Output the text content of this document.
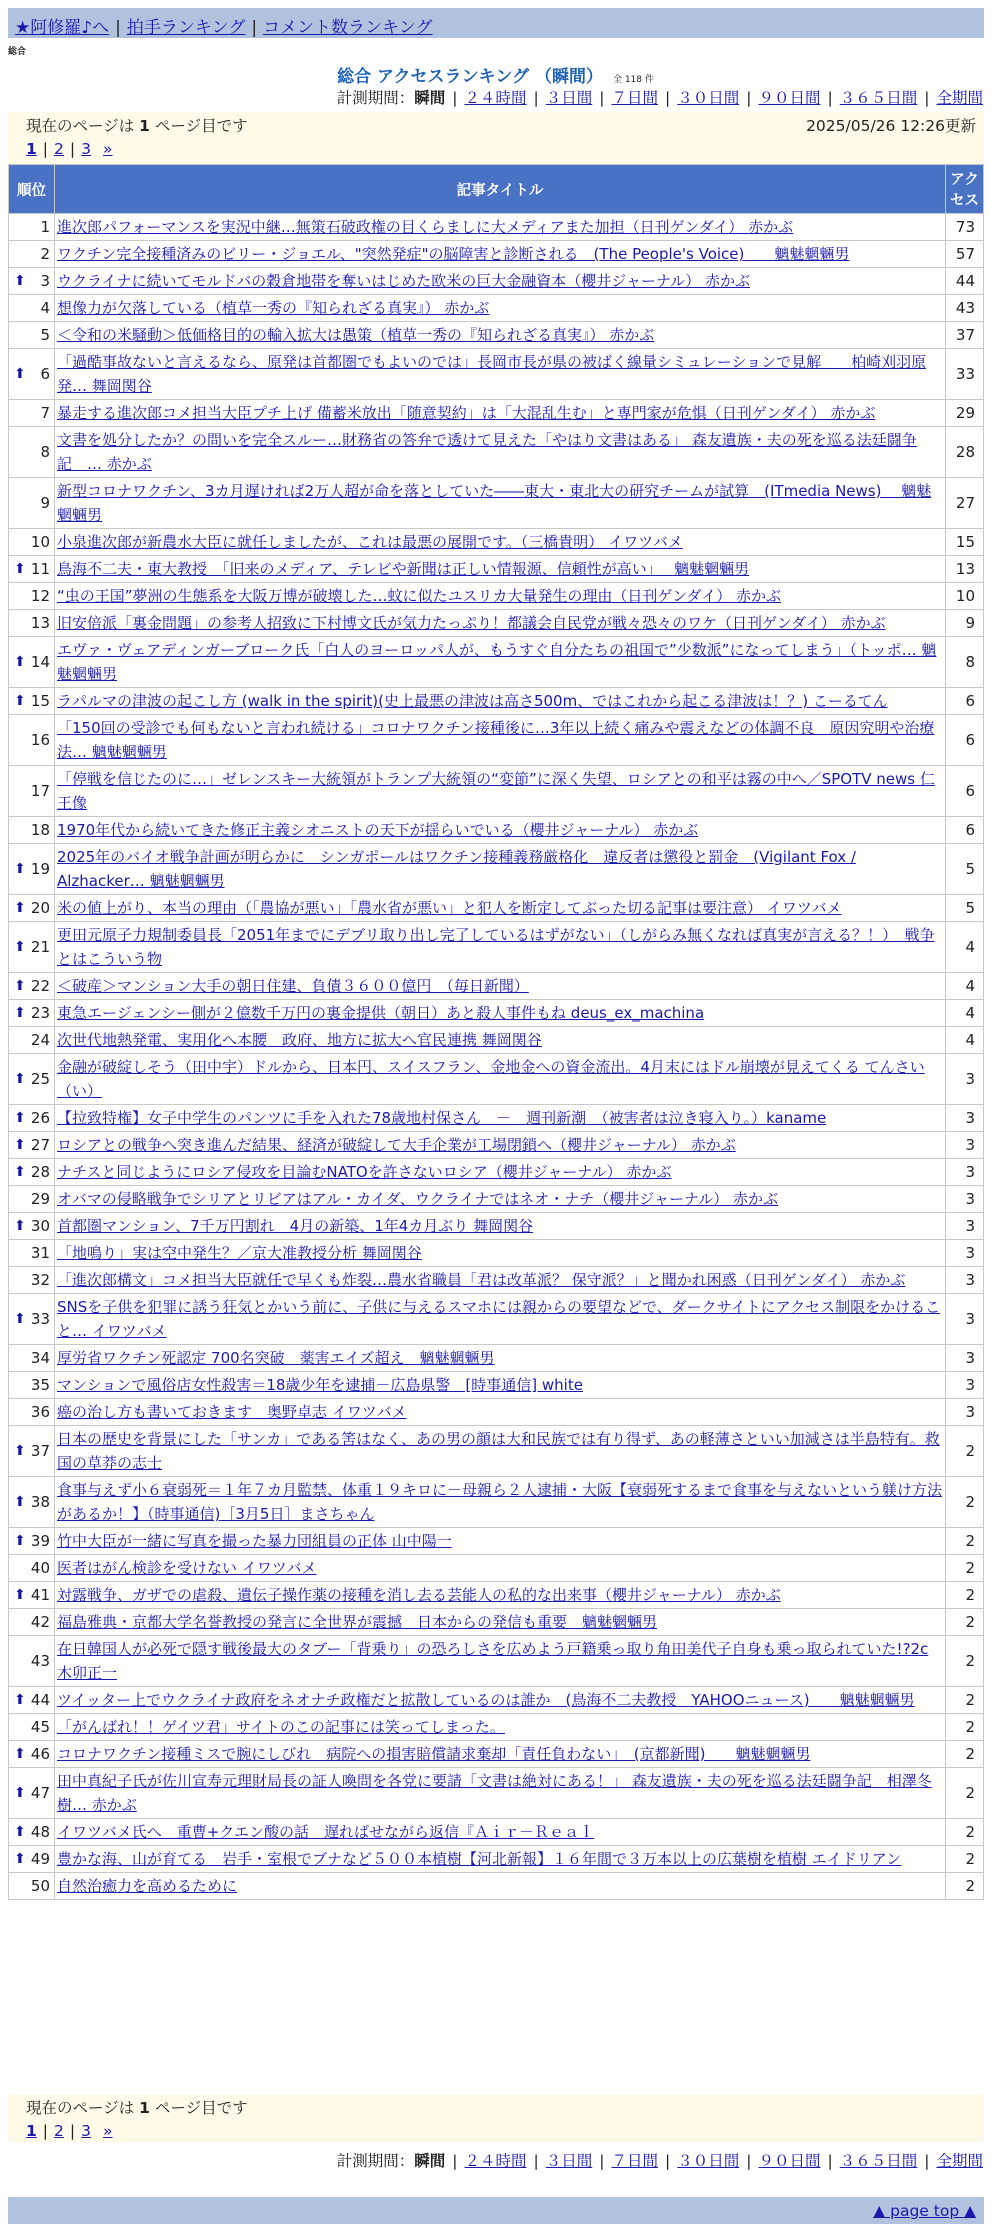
★阿修羅♪へ | 拍手ランキング | コメント数ランキング
総合
総合 アクセスランキング （瞬間） 全 118 件
計測期間：瞬間 | ２４時間 | ３日間 | ７日間 | ３０日間 | ９０日間 | ３６５日間 | 全期間
現在のページは 1 ページ目です	2025/05/26 12:26更新
1 | 2 | 3 »
順位	記事タイトル	アクセス
1	進次郎パフォーマンスを実況中継…無策石破政権の目くらましに大メディアまた加担（日刊ゲンダイ） 赤かぶ	73
2	ワクチン完全接種済みのビリー・ジョエル、"突然発症"の脳障害と診断される　(The People's Voice)　　魑魅魍魎男	57

⬆ 3	ウクライナに続いてモルドバの穀倉地帯を奪いはじめた欧米の巨大金融資本（櫻井ジャーナル） 赤かぶ	44
4	想像力が欠落している（植草一秀の『知られざる真実』） 赤かぶ	43
5	＜令和の米騒動＞低価格目的の輸入拡大は愚策（植草一秀の『知られざる真実』） 赤かぶ	37

⬆ 6	「過酷事故ないと言えるなら、原発は首都圏でもよいのでは」長岡市長が県の被ばく線量シミュレーションで見解　　柏崎刈羽原発… 舞岡関谷	33
7	暴走する進次郎コメ担当大臣プチ上げ 備蓄米放出「随意契約」は「大混乱生む」と専門家が危惧（日刊ゲンダイ） 赤かぶ	29
8	文書を処分したか？の問いを完全スルー…財務省の答弁で透けて見えた「やはり文書はある」 森友遺族・夫の死を巡る法廷闘争記　… 赤かぶ	28
9	新型コロナワクチン、3カ月遅ければ2万人超が命を落としていた――東大・東北大の研究チームが試算　(ITmedia News)　 魑魅魍魎男	27
10	小泉進次郎が新農水大臣に就任しましたが、これは最悪の展開です。（三橋貴明） イワツバメ	15

⬆ 11	鳥海不二夫・東大教授　｢旧来のメディア、テレビや新聞は正しい情報源、信頼性が高い｣　 魑魅魍魎男	13
12	“虫の王国”夢洲の生態系を大阪万博が破壊した…蚊に似たユスリカ大量発生の理由（日刊ゲンダイ） 赤かぶ	10
13	旧安倍派「裏金問題」の参考人招致に下村博文氏が気力たっぷり！都議会自民党が戦々恐々のワケ（日刊ゲンダイ） 赤かぶ	9

⬆ 14	エヴァ・ヴェアディンガーブローク氏「白人のヨーロッパ人が、もうすぐ自分たちの祖国で”少数派”になってしまう」（トッポ… 魑魅魍魎男	8

⬆ 15	ラパルマの津波の起こし方 (walk in the spirit)(史上最悪の津波は高さ500m、ではこれから起こる津波は！？) こーるてん	6
16	「150回の受診でも何もないと言われ続ける」コロナワクチン接種後に…3年以上続く痛みや震えなどの体調不良　原因究明や治療法… 魑魅魍魎男	6
17	「停戦を信じたのに…」ゼレンスキー大統領がトランプ大統領の“変節”に深く失望、ロシアとの和平は霧の中へ／SPOTV news 仁王像	6
18	1970年代から続いてきた修正主義シオニストの天下が揺らいでいる（櫻井ジャーナル） 赤かぶ	6

⬆ 19	2025年のバイオ戦争計画が明らかに　シンガポールはワクチン接種義務厳格化　違反者は懲役と罰金　(Vigilant Fox / Alzhacker… 魑魅魍魎男	5

⬆ 20	米の値上がり、本当の理由（「農協が悪い」「農水省が悪い」と犯人を断定してぶった切る記事は要注意） イワツバメ	5

⬆ 21	更田元原子力規制委員長「2051年までにデブリ取り出し完了しているはずがない」（しがらみ無くなれば真実が言える？！）　戦争とはこういう物	4

⬆ 22	＜破産＞マンション大手の朝日住建、負債３６００億円　（毎日新聞）	4

⬆ 23	東急エージェンシー側が２億数千万円の裏金提供（朝日）あと殺人事件もね deus_ex_machina	4
24	次世代地熱発電、実用化へ本腰　政府、地方に拡大へ官民連携 舞岡関谷	4

⬆ 25	金融が破綻しそう（田中宇）ドルから、日本円、スイスフラン、金地金への資金流出。4月末にはドル崩壊が見えてくる てんさい（い）	3

⬆ 26	【拉致特権】女子中学生のパンツに手を入れた78歳地村保さん　－　週刊新潮　（被害者は泣き寝入り。）kaname	3

⬆ 27	ロシアとの戦争へ突き進んだ結果、経済が破綻して大手企業が工場閉鎖へ（櫻井ジャーナル） 赤かぶ	3

⬆ 28	ナチスと同じようにロシア侵攻を目論むNATOを許さないロシア（櫻井ジャーナル） 赤かぶ	3
29	オバマの侵略戦争でシリアとリビアはアル・カイダ、ウクライナではネオ・ナチ（櫻井ジャーナル） 赤かぶ	3

⬆ 30	首都圏マンション、7千万円割れ　4月の新築、1年4カ月ぶり 舞岡関谷	3
31	「地鳴り」実は空中発生？／京大准教授分析 舞岡関谷	3
32	「進次郎構文」コメ担当大臣就任で早くも炸裂…農水省職員「君は改革派？ 保守派？」と聞かれ困惑（日刊ゲンダイ） 赤かぶ	3

⬆ 33	SNSを子供を犯罪に誘う狂気とかいう前に、子供に与えるスマホには親からの要望などで、ダークサイトにアクセス制限をかけること… イワツバメ	3
34	厚労省ワクチン死認定 700名突破　薬害エイズ超え　魑魅魍魎男	3
35	マンションで風俗店女性殺害＝18歳少年を逮捕－広島県警　[時事通信] white	3
36	癌の治し方も書いておきます　奥野卓志 イワツバメ	3

⬆ 37	日本の歴史を背景にした「サンカ」である筈はなく、あの男の顔は大和民族では有り得ず、あの軽薄さといい加減さは半島特有。救国の草莽の志士	2

⬆ 38	食事与えず小６衰弱死＝１年７カ月監禁、体重１９キロに－母親ら２人逮捕・大阪【衰弱死するまで食事を与えないという躾け方法があるか！】（時事通信)［3月5日］まさちゃん	2

⬆ 39	竹中大臣が一緒に写真を撮った暴力団組員の正体 山中陽一	2
40	医者はがん検診を受けない イワツバメ	2

⬆ 41	対露戦争、ガザでの虐殺、遺伝子操作薬の接種を消し去る芸能人の私的な出来事（櫻井ジャーナル） 赤かぶ	2
42	福島雅典・京都大学名誉教授の発言に全世界が震撼　日本からの発信も重要　魑魅魍魎男	2
43	在日韓国人が必死で隠す戦後最大のタブー「背乗り」の恐ろしさを広めよう戸籍乗っ取り角田美代子自身も乗っ取られていた!?2c 木卯正一	2

⬆ 44	ツイッター上でウクライナ政府をネオナチ政権だと拡散しているのは誰か　(鳥海不二夫教授　YAHOOニュース)　　魑魅魍魎男	2
45	「がんばれ！！ゲイツ君」サイトのこの記事には笑ってしまった。	2

⬆ 46	コロナワクチン接種ミスで腕にしびれ　病院への損害賠償請求棄却「責任負わない」　(京都新聞)　　魑魅魍魎男	2

⬆ 47	田中真紀子氏が佐川宣寿元理財局長の証人喚問を各党に要請「文書は絶対にある！」 森友遺族・夫の死を巡る法廷闘争記　相澤冬樹… 赤かぶ	2

⬆ 48	イワツバメ氏へ　重曹+クエン酸の話　遅ればせながら返信『Ａｉｒ－Ｒｅａｌ	2

⬆ 49	豊かな海、山が育てる　岩手・室根でブナなど５００本植樹【河北新報】１６年間で３万本以上の広葉樹を植樹 エイドリアン	2
50	自然治癒力を高めるために	2
現在のページは 1 ページ目です
1 | 2 | 3 »
計測期間：瞬間 | ２４時間 | ３日間 | ７日間 | ３０日間 | ９０日間 | ３６５日間 | 全期間
▲ page top ▲
